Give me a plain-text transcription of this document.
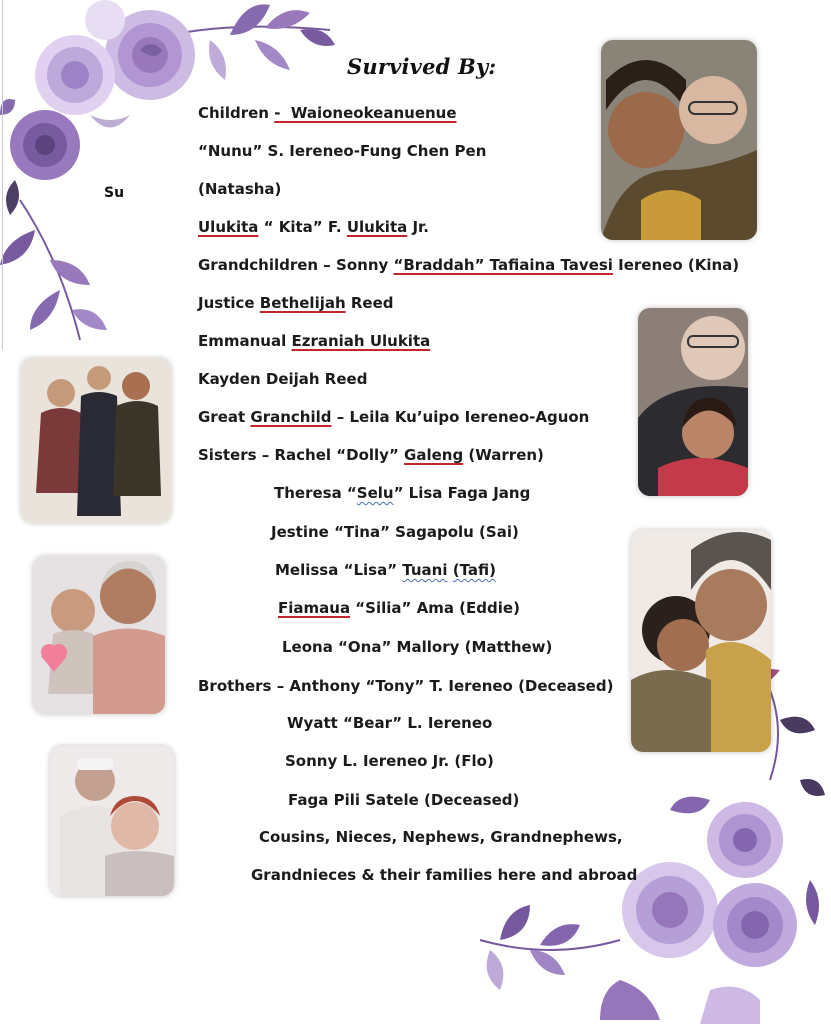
Survived By:
Su
Children -  Waioneokeanuenue
“Nunu” S. Iereneo-Fung Chen Pen
(Natasha)
Ulukita “ Kita” F. Ulukita Jr.
Grandchildren – Sonny “Braddah” Tafiaina Tavesi Iereneo (Kina)
Justice Bethelijah Reed
Emmanual Ezraniah Ulukita
Kayden Deijah Reed
Great Granchild – Leila Ku’uipo Iereneo-Aguon
Sisters – Rachel “Dolly” Galeng (Warren)
Theresa “Selu” Lisa Faga Jang
Jestine “Tina” Sagapolu (Sai)
Melissa “Lisa” Tuani (Tafi)
Fiamaua “Silia” Ama (Eddie)
Leona “Ona” Mallory (Matthew)
Brothers – Anthony “Tony” T. Iereneo (Deceased)
Wyatt “Bear” L. Iereneo
Sonny L. Iereneo Jr. (Flo)
Faga Pili Satele (Deceased)
Cousins, Nieces, Nephews, Grandnephews,
Grandnieces & their families here and abroad
